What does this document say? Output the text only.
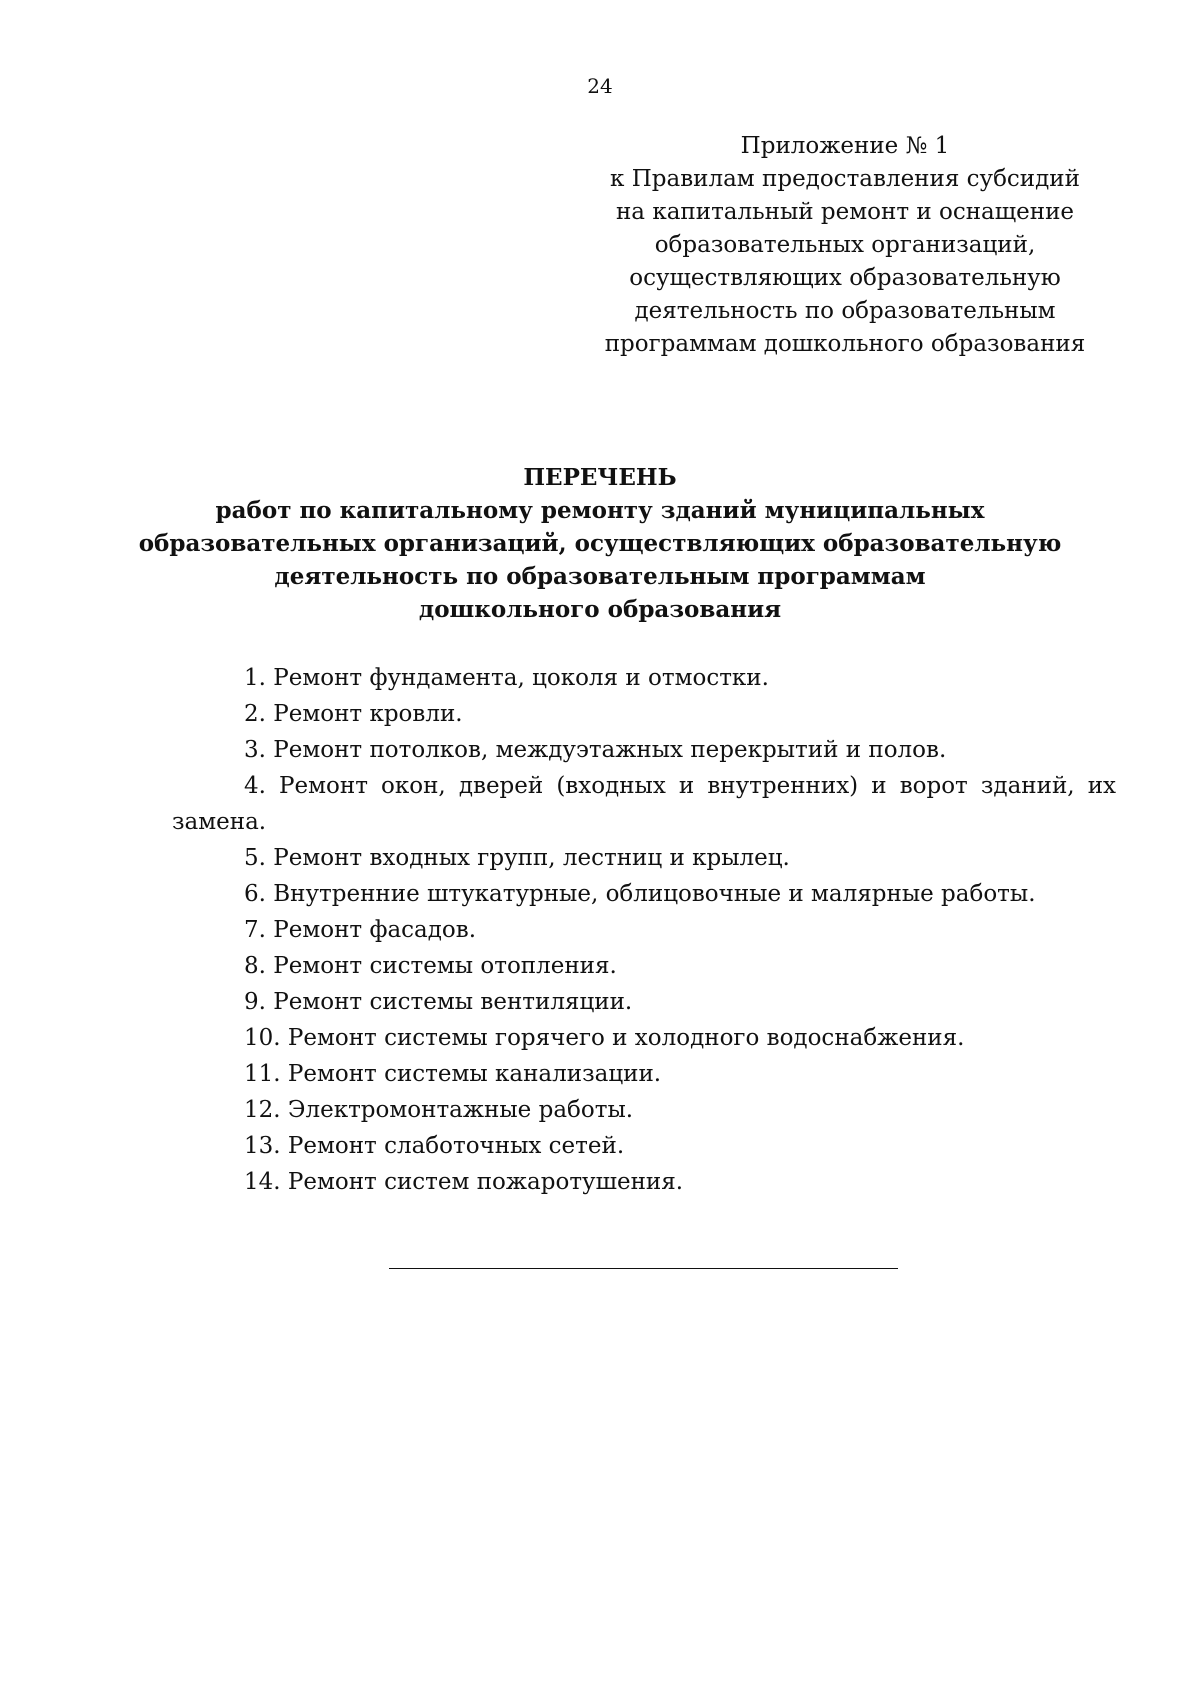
24
Приложение № 1
к Правилам предоставления субсидий
на капитальный ремонт и оснащение
образовательных организаций,
осуществляющих образовательную
деятельность по образовательным
программам дошкольного образования
ПЕРЕЧЕНЬ
работ по капитальному ремонту зданий муниципальных
образовательных организаций, осуществляющих образовательную
деятельность по образовательным программам
дошкольного образования
1. Ремонт фундамента, цоколя и отмостки.
2. Ремонт кровли.
3. Ремонт потолков, междуэтажных перекрытий и полов.
4. Ремонт окон, дверей (входных и внутренних) и ворот зданий, их замена.
5. Ремонт входных групп, лестниц и крылец.
6. Внутренние штукатурные, облицовочные и малярные работы.
7. Ремонт фасадов.
8. Ремонт системы отопления.
9. Ремонт системы вентиляции.
10. Ремонт системы горячего и холодного водоснабжения.
11. Ремонт системы канализации.
12. Электромонтажные работы.
13. Ремонт слаботочных сетей.
14. Ремонт систем пожаротушения.
